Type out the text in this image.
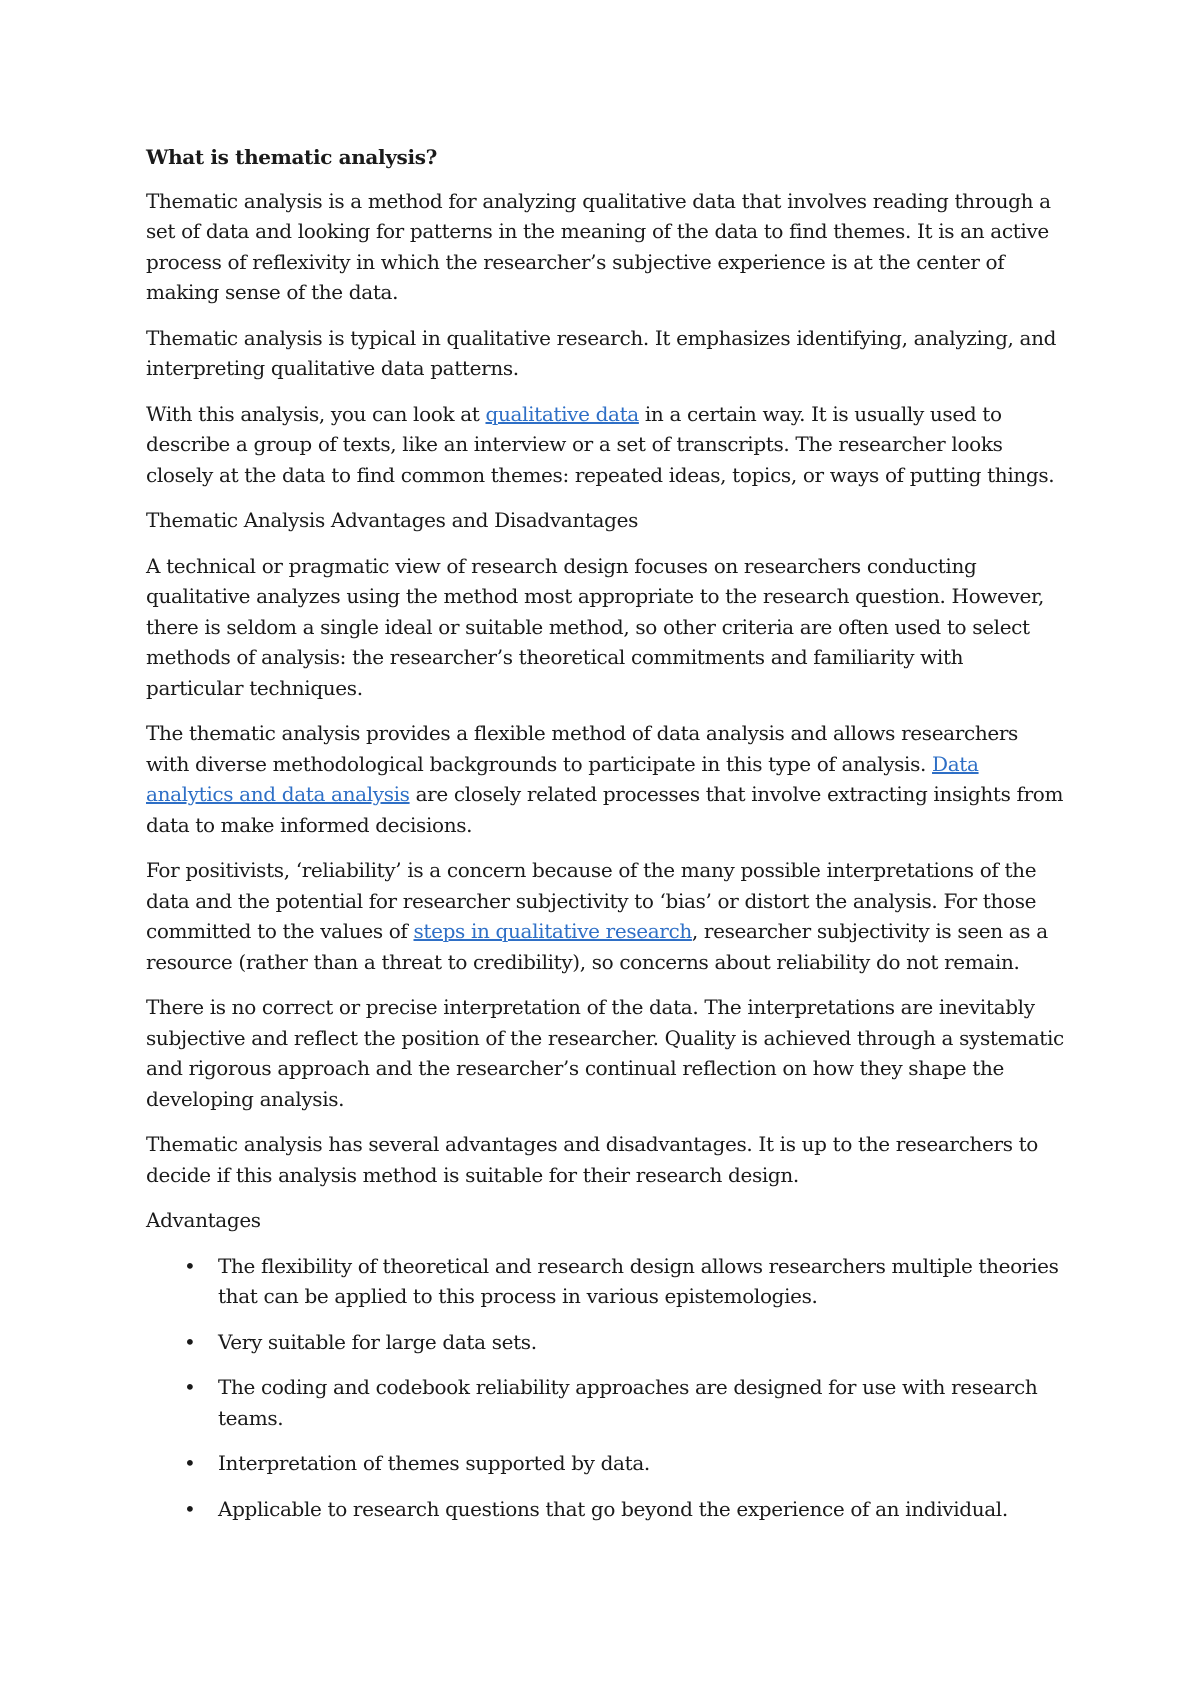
What is thematic analysis?

Thematic analysis is a method for analyzing qualitative data that involves reading through a set of data and looking for patterns in the meaning of the data to find themes. It is an active process of reflexivity in which the researcher’s subjective experience is at the center of making sense of the data.

Thematic analysis is typical in qualitative research. It emphasizes identifying, analyzing, and interpreting qualitative data patterns.

With this analysis, you can look at qualitative data in a certain way. It is usually used to describe a group of texts, like an interview or a set of transcripts. The researcher looks closely at the data to find common themes: repeated ideas, topics, or ways of putting things.

Thematic Analysis Advantages and Disadvantages

A technical or pragmatic view of research design focuses on researchers conducting qualitative analyzes using the method most appropriate to the research question. However, there is seldom a single ideal or suitable method, so other criteria are often used to select methods of analysis: the researcher’s theoretical commitments and familiarity with particular techniques.

The thematic analysis provides a flexible method of data analysis and allows researchers with diverse methodological backgrounds to participate in this type of analysis. Data analytics and data analysis are closely related processes that involve extracting insights from data to make informed decisions.

For positivists, ‘reliability’ is a concern because of the many possible interpretations of the data and the potential for researcher subjectivity to ‘bias’ or distort the analysis. For those committed to the values of steps in qualitative research, researcher subjectivity is seen as a resource (rather than a threat to credibility), so concerns about reliability do not remain.

There is no correct or precise interpretation of the data. The interpretations are inevitably subjective and reflect the position of the researcher. Quality is achieved through a systematic and rigorous approach and the researcher’s continual reflection on how they shape the developing analysis.

Thematic analysis has several advantages and disadvantages. It is up to the researchers to decide if this analysis method is suitable for their research design.

Advantages
• The flexibility of theoretical and research design allows researchers multiple theories that can be applied to this process in various epistemologies.
• Very suitable for large data sets.
• The coding and codebook reliability approaches are designed for use with research teams.
• Interpretation of themes supported by data.
• Applicable to research questions that go beyond the experience of an individual.
